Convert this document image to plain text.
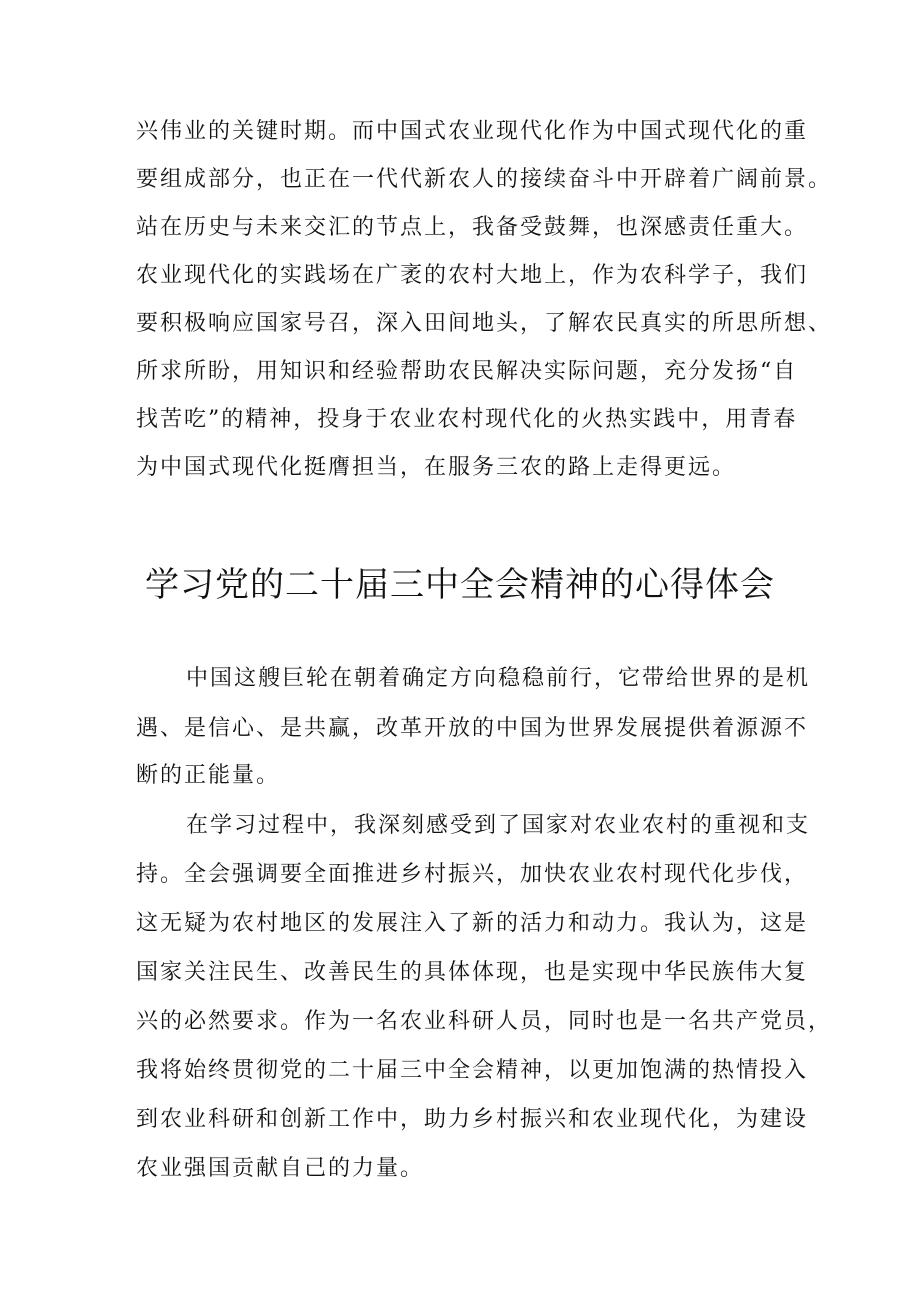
兴伟业的关键时期。而中国式农业现代化作为中国式现代化的重
要组成部分，也正在一代代新农人的接续奋斗中开辟着广阔前景。
站在历史与未来交汇的节点上，我备受鼓舞，也深感责任重大。
农业现代化的实践场在广袤的农村大地上，作为农科学子，我们
要积极响应国家号召，深入田间地头，了解农民真实的所思所想、
所求所盼，用知识和经验帮助农民解决实际问题，充分发扬“自
找苦吃”的精神，投身于农业农村现代化的火热实践中，用青春
为中国式现代化挺膺担当，在服务三农的路上走得更远。
学习党的二十届三中全会精神的心得体会
中国这艘巨轮在朝着确定方向稳稳前行，它带给世界的是机
遇、是信心、是共赢，改革开放的中国为世界发展提供着源源不
断的正能量。
在学习过程中，我深刻感受到了国家对农业农村的重视和支
持。全会强调要全面推进乡村振兴，加快农业农村现代化步伐，
这无疑为农村地区的发展注入了新的活力和动力。我认为，这是
国家关注民生、改善民生的具体体现，也是实现中华民族伟大复
兴的必然要求。作为一名农业科研人员，同时也是一名共产党员，
我将始终贯彻党的二十届三中全会精神，以更加饱满的热情投入
到农业科研和创新工作中，助力乡村振兴和农业现代化，为建设
农业强国贡献自己的力量。
